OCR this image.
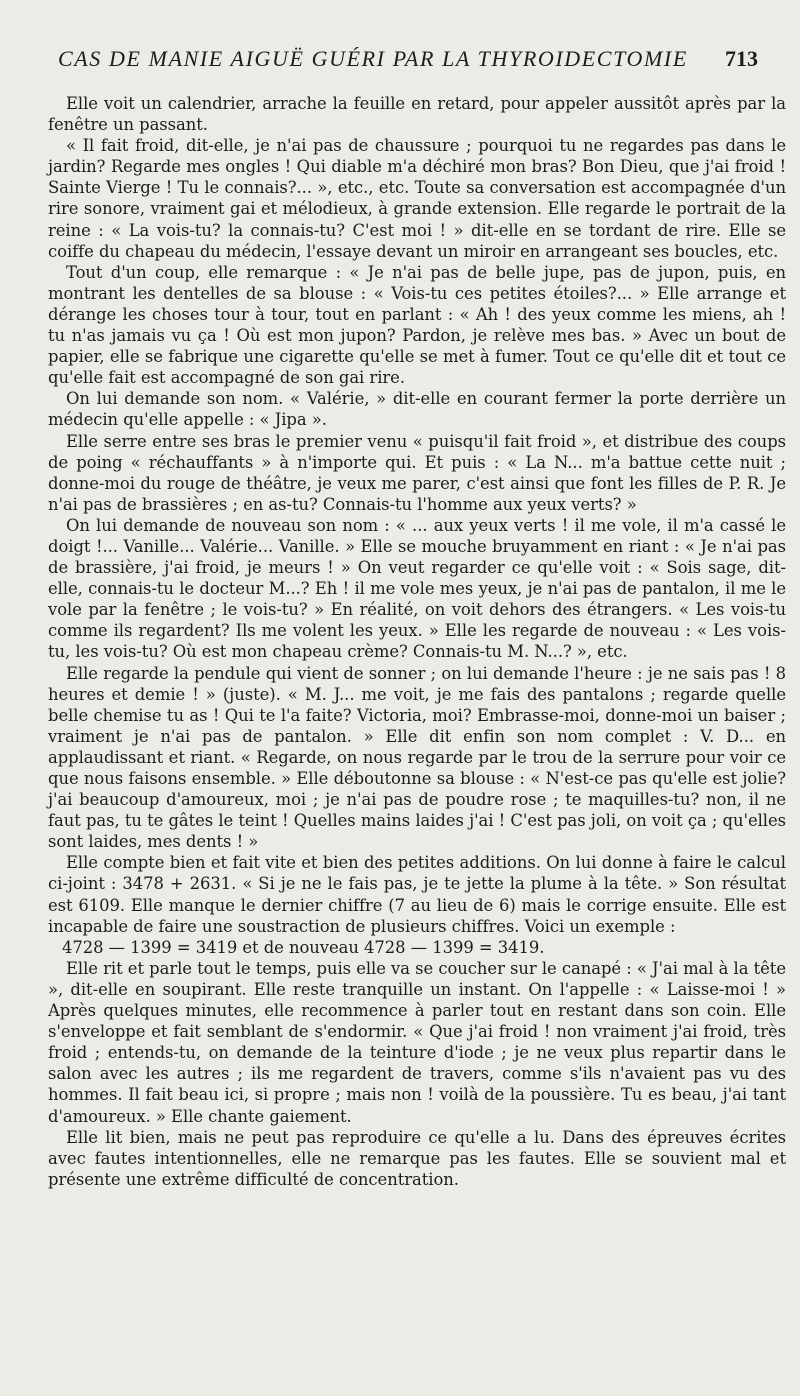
CAS DE MANIE AIGUË GUÉRI PAR LA THYROIDECTOMIE 713

Elle voit un calendrier, arrache la feuille en retard, pour appeler aussitôt après par la fenêtre un passant.

« Il fait froid, dit-elle, je n'ai pas de chaussure ; pourquoi tu ne regardes pas dans le jardin? Regarde mes ongles ! Qui diable m'a déchiré mon bras? Bon Dieu, que j'ai froid ! Sainte Vierge ! Tu le connais?... », etc., etc. Toute sa conversation est accompagnée d'un rire sonore, vraiment gai et mélodieux, à grande extension. Elle regarde le portrait de la reine : « La vois-tu? la connais-tu? C'est moi ! » dit-elle en se tordant de rire. Elle se coiffe du chapeau du médecin, l'essaye devant un miroir en arrangeant ses boucles, etc.

Tout d'un coup, elle remarque : « Je n'ai pas de belle jupe, pas de jupon, puis, en montrant les dentelles de sa blouse : « Vois-tu ces petites étoiles?... » Elle arrange et dérange les choses tour à tour, tout en parlant : « Ah ! des yeux comme les miens, ah ! tu n'as jamais vu ça ! Où est mon jupon? Pardon, je relève mes bas. » Avec un bout de papier, elle se fabrique une cigarette qu'elle se met à fumer. Tout ce qu'elle dit et tout ce qu'elle fait est accompagné de son gai rire.

On lui demande son nom. « Valérie, » dit-elle en courant fermer la porte derrière un médecin qu'elle appelle : « Jipa ».

Elle serre entre ses bras le premier venu « puisqu'il fait froid », et distribue des coups de poing « réchauffants » à n'importe qui. Et puis : « La N... m'a battue cette nuit ; donne-moi du rouge de théâtre, je veux me parer, c'est ainsi que font les filles de P. R. Je n'ai pas de brassières ; en as-tu? Connais-tu l'homme aux yeux verts? »

On lui demande de nouveau son nom : « ... aux yeux verts ! il me vole, il m'a cassé le doigt !... Vanille... Valérie... Vanille. » Elle se mouche bruyamment en riant : « Je n'ai pas de brassière, j'ai froid, je meurs ! » On veut regarder ce qu'elle voit : « Sois sage, dit-elle, connais-tu le docteur M...? Eh ! il me vole mes yeux, je n'ai pas de pantalon, il me le vole par la fenêtre ; le vois-tu? » En réalité, on voit dehors des étrangers. « Les vois-tu comme ils regardent? Ils me volent les yeux. » Elle les regarde de nouveau : « Les vois-tu, les vois-tu? Où est mon chapeau crème? Connais-tu M. N...? », etc.

Elle regarde la pendule qui vient de sonner ; on lui demande l'heure : je ne sais pas ! 8 heures et demie ! » (juste). « M. J... me voit, je me fais des pantalons ; regarde quelle belle chemise tu as ! Qui te l'a faite? Victoria, moi? Embrasse-moi, donne-moi un baiser ; vraiment je n'ai pas de pantalon. » Elle dit enfin son nom complet : V. D... en applaudissant et riant. « Regarde, on nous regarde par le trou de la serrure pour voir ce que nous faisons ensemble. » Elle déboutonne sa blouse : « N'est-ce pas qu'elle est jolie? j'ai beaucoup d'amoureux, moi ; je n'ai pas de poudre rose ; te maquilles-tu? non, il ne faut pas, tu te gâtes le teint ! Quelles mains laides j'ai ! C'est pas joli, on voit ça ; qu'elles sont laides, mes dents ! »

Elle compte bien et fait vite et bien des petites additions. On lui donne à faire le calcul ci-joint : 3478 + 2631. « Si je ne le fais pas, je te jette la plume à la tête. » Son résultat est 6109. Elle manque le dernier chiffre (7 au lieu de 6) mais le corrige ensuite. Elle est incapable de faire une soustraction de plusieurs chiffres. Voici un exemple :

4728 — 1399 = 3419 et de nouveau 4728 — 1399 = 3419.

Elle rit et parle tout le temps, puis elle va se coucher sur le canapé : « J'ai mal à la tête », dit-elle en soupirant. Elle reste tranquille un instant. On l'appelle : « Laisse-moi ! » Après quelques minutes, elle recommence à parler tout en restant dans son coin. Elle s'enveloppe et fait semblant de s'endormir. « Que j'ai froid ! non vraiment j'ai froid, très froid ; entends-tu, on demande de la teinture d'iode ; je ne veux plus repartir dans le salon avec les autres ; ils me regardent de travers, comme s'ils n'avaient pas vu des hommes. Il fait beau ici, si propre ; mais non ! voilà de la poussière. Tu es beau, j'ai tant d'amoureux. » Elle chante gaiement.

Elle lit bien, mais ne peut pas reproduire ce qu'elle a lu. Dans des épreuves écrites avec fautes intentionnelles, elle ne remarque pas les fautes. Elle se souvient mal et présente une extrême difficulté de concentration.
